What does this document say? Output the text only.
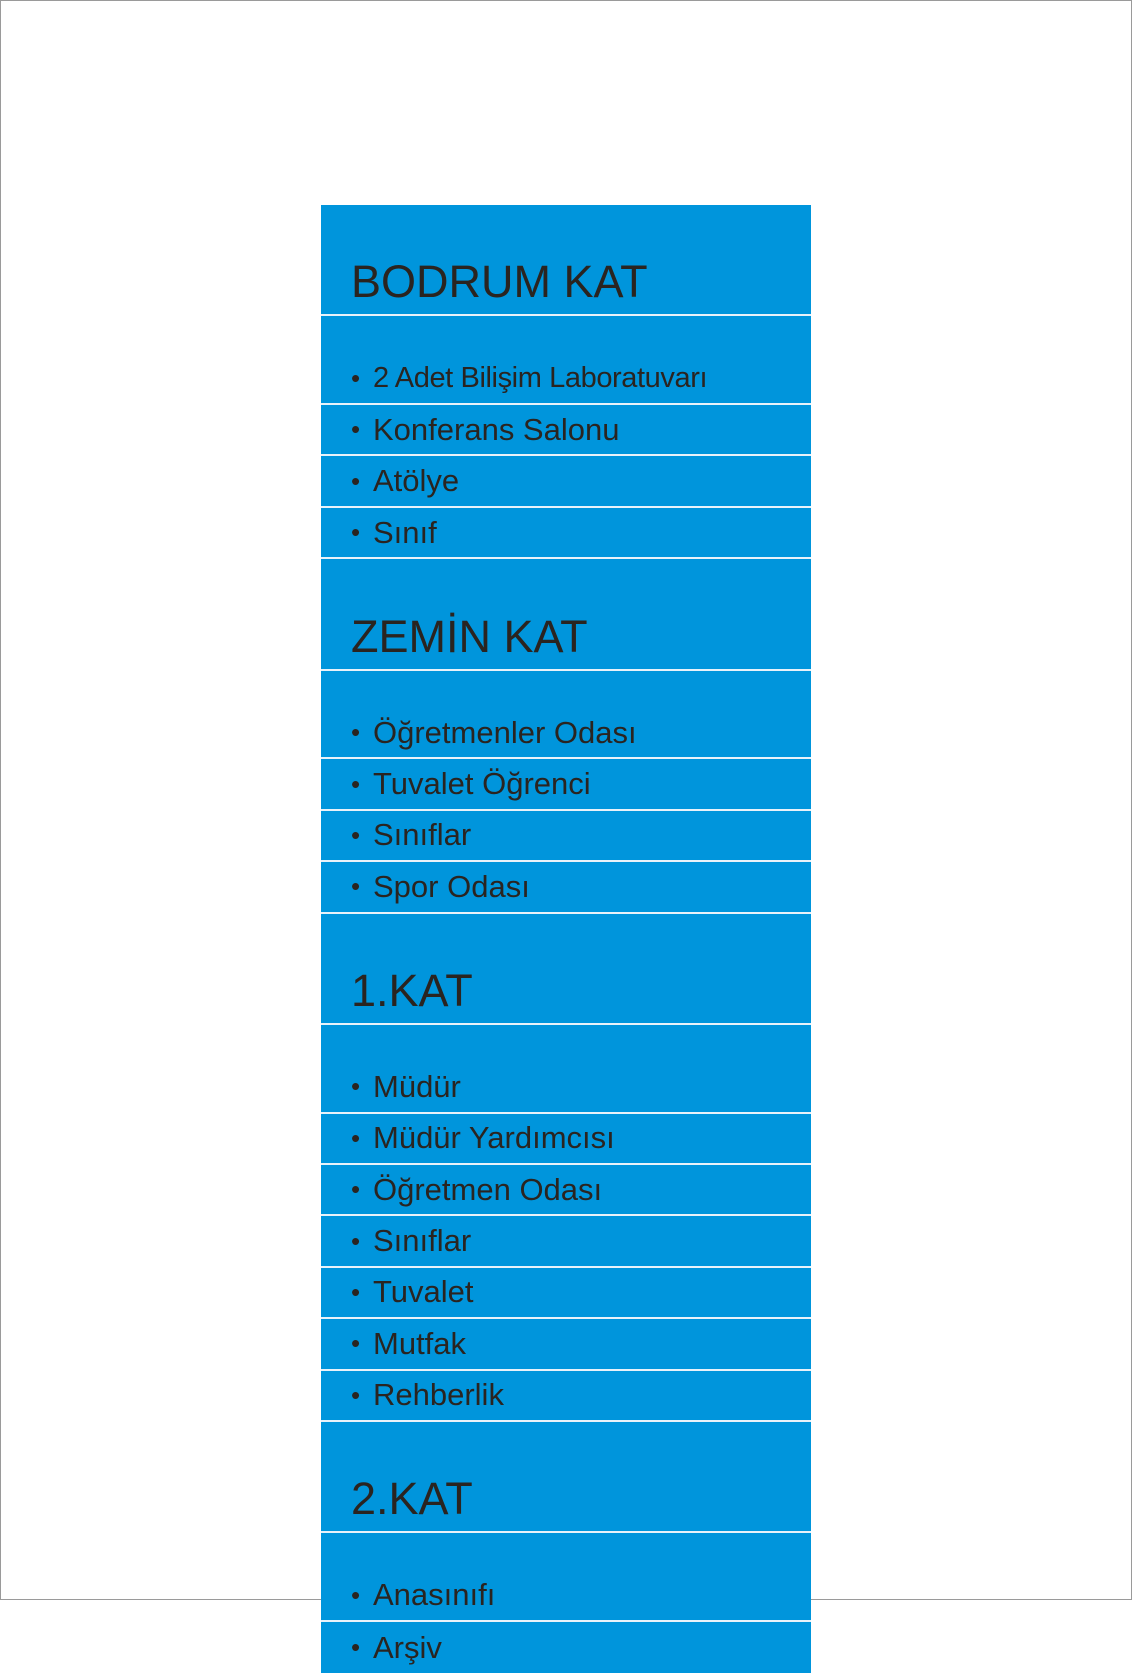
BODRUM KAT
• 2 Adet Bilişim Laboratuvarı
• Konferans Salonu
• Atölye
• Sınıf
ZEMİN KAT
• Öğretmenler Odası
• Tuvalet Öğrenci
• Sınıflar
• Spor Odası
1.KAT
• Müdür
• Müdür Yardımcısı
• Öğretmen Odası
• Sınıflar
• Tuvalet
• Mutfak
• Rehberlik
2.KAT
• Anasınıfı
• Arşiv
